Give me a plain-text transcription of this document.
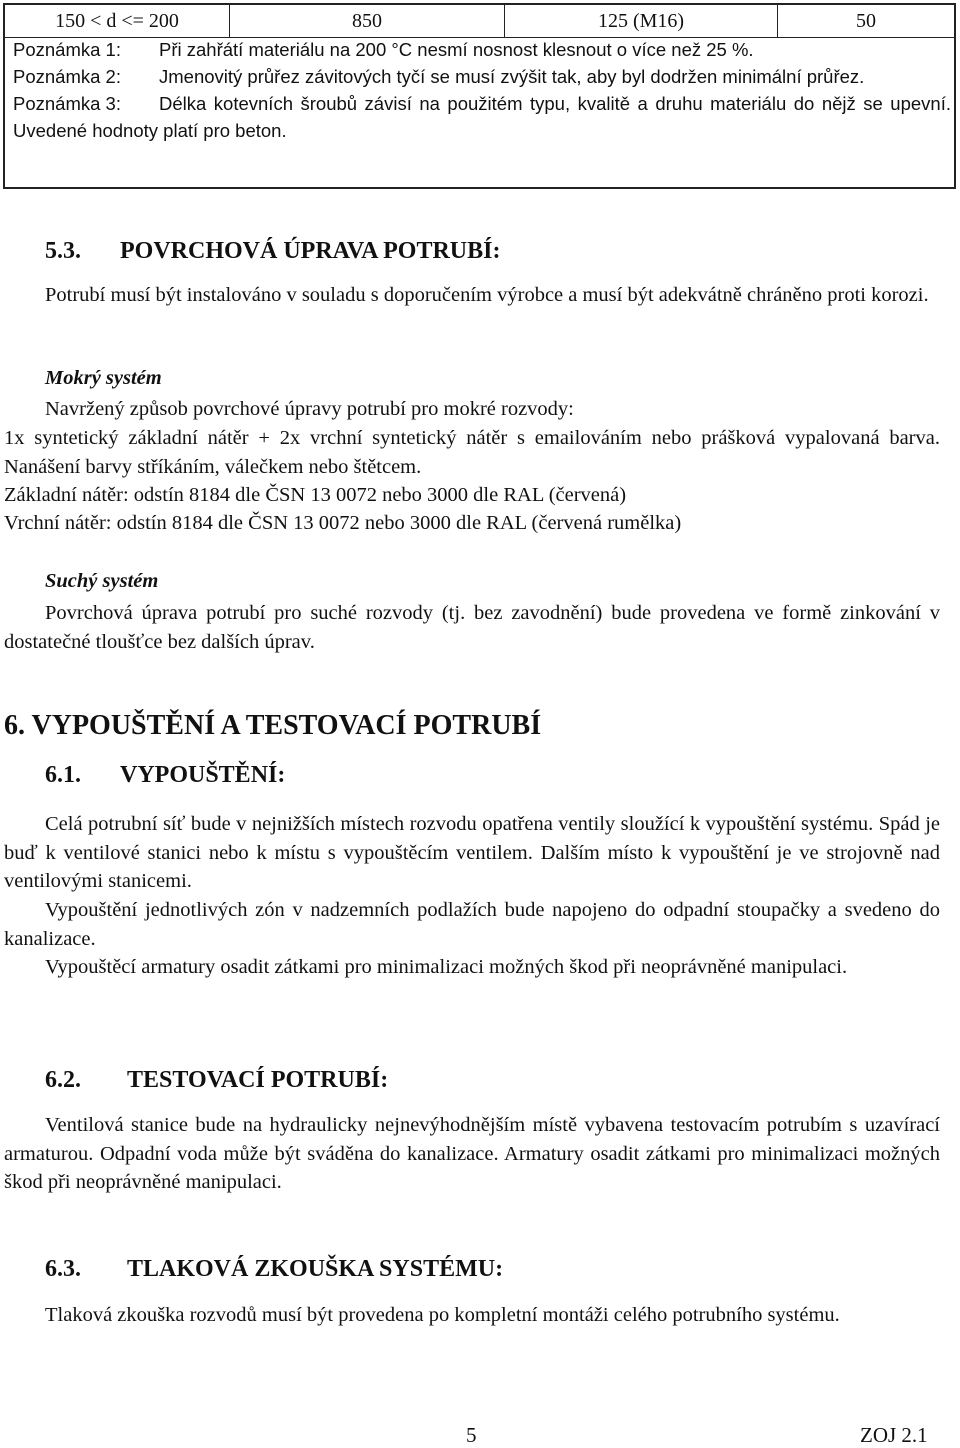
150 < d <= 200	850	125 (M16)	50

Poznámka 1: Při zahřátí materiálu na 200 °C nesmí nosnost klesnout o více než 25 %.

Poznámka 2: Jmenovitý průřez závitových tyčí se musí zvýšit tak, aby byl dodržen minimální průřez.

Poznámka 3: Délka kotevních šroubů závisí na použitém typu, kvalitě a druhu materiálu do nějž se upevní. Uvedené hodnoty platí pro beton.

5.3. POVRCHOVÁ ÚPRAVA POTRUBÍ:

Potrubí musí být instalováno v souladu s doporučením výrobce a musí být adekvátně chráněno proti korozi.

Mokrý systém

Navržený způsob povrchové úpravy potrubí pro mokré rozvody:

1x syntetický základní nátěr + 2x vrchní syntetický nátěr s emailováním nebo prášková vypalovaná barva. Nanášení barvy stříkáním, válečkem nebo štětcem.

Základní nátěr: odstín 8184 dle ČSN 13 0072 nebo 3000 dle RAL (červená)

Vrchní nátěr: odstín 8184 dle ČSN 13 0072 nebo 3000 dle RAL (červená rumělka)

Suchý systém

Povrchová úprava potrubí pro suché rozvody (tj. bez zavodnění) bude provedena ve formě zinkování v dostatečné tloušťce bez dalších úprav.

6. VYPOUŠTĚNÍ A TESTOVACÍ POTRUBÍ
6.1. VYPOUŠTĚNÍ:

Celá potrubní síť bude v nejnižších místech rozvodu opatřena ventily sloužící k vypouštění systému. Spád je buď k ventilové stanici nebo k místu s vypouštěcím ventilem. Dalším místo k vypouštění je ve strojovně nad ventilovými stanicemi.

Vypouštění jednotlivých zón v nadzemních podlažích bude napojeno do odpadní stoupačky a svedeno do kanalizace.

Vypouštěcí armatury osadit zátkami pro minimalizaci možných škod při neoprávněné manipulaci.

6.2. TESTOVACÍ POTRUBÍ:

Ventilová stanice bude na hydraulicky nejnevýhodnějším místě vybavena testovacím potrubím s uzavírací armaturou. Odpadní voda může být sváděna do kanalizace. Armatury osadit zátkami pro minimalizaci možných škod při neoprávněné manipulaci.

6.3. TLAKOVÁ ZKOUŠKA SYSTÉMU:

Tlaková zkouška rozvodů musí být provedena po kompletní montáži celého potrubního systému.

5	ZOJ 2.1
